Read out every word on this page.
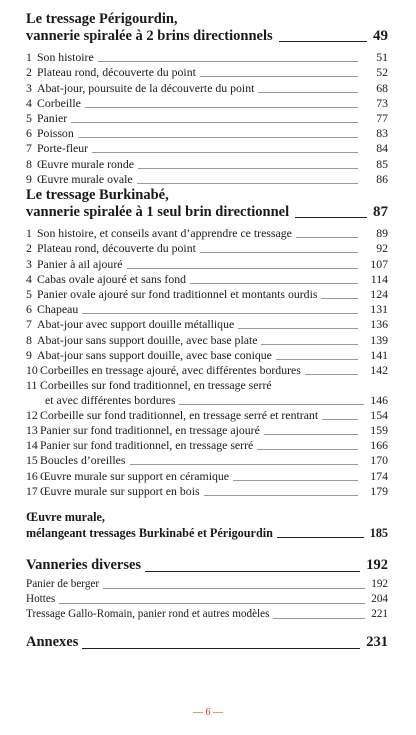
Le tressage Périgourdin,
vannerie spiralée à 2 brins directionnels	49
1 Son histoire	51
2 Plateau rond, découverte du point	52
3 Abat-jour, poursuite de la découverte du point	68
4 Corbeille	73
5 Panier	77
6 Poisson	83
7 Porte-fleur	84
8 Œuvre murale ronde	85
9 Œuvre murale ovale	86
Le tressage Burkinabé,
vannerie spiralée à 1 seul brin directionnel	87
1 Son histoire, et conseils avant d’apprendre ce tressage	89
2 Plateau rond, découverte du point	92
3 Panier à ail ajouré	107
4 Cabas ovale ajouré et sans fond	114
5 Panier ovale ajouré sur fond traditionnel et montants ourdis	124
6 Chapeau	131
7 Abat-jour avec support douille métallique	136
8 Abat-jour sans support douille, avec base plate	139
9 Abat-jour sans support douille, avec base conique	141
10 Corbeilles en tressage ajouré, avec différentes bordures	142
11 Corbeilles sur fond traditionnel, en tressage serré
et avec différentes bordures	146
12 Corbeille sur fond traditionnel, en tressage serré et rentrant	154
13 Panier sur fond traditionnel, en tressage ajouré	159
14 Panier sur fond traditionnel, en tressage serré	166
15 Boucles d’oreilles	170
16 Œuvre murale sur support en céramique	174
17 Œuvre murale sur support en bois	179
Œuvre murale,
mélangeant tressages Burkinabé et Périgourdin	185
Vanneries diverses	192
Panier de berger	192
Hottes	204
Tressage Gallo-Romain, panier rond et autres modèles	221
Annexes	231
— 6 —
